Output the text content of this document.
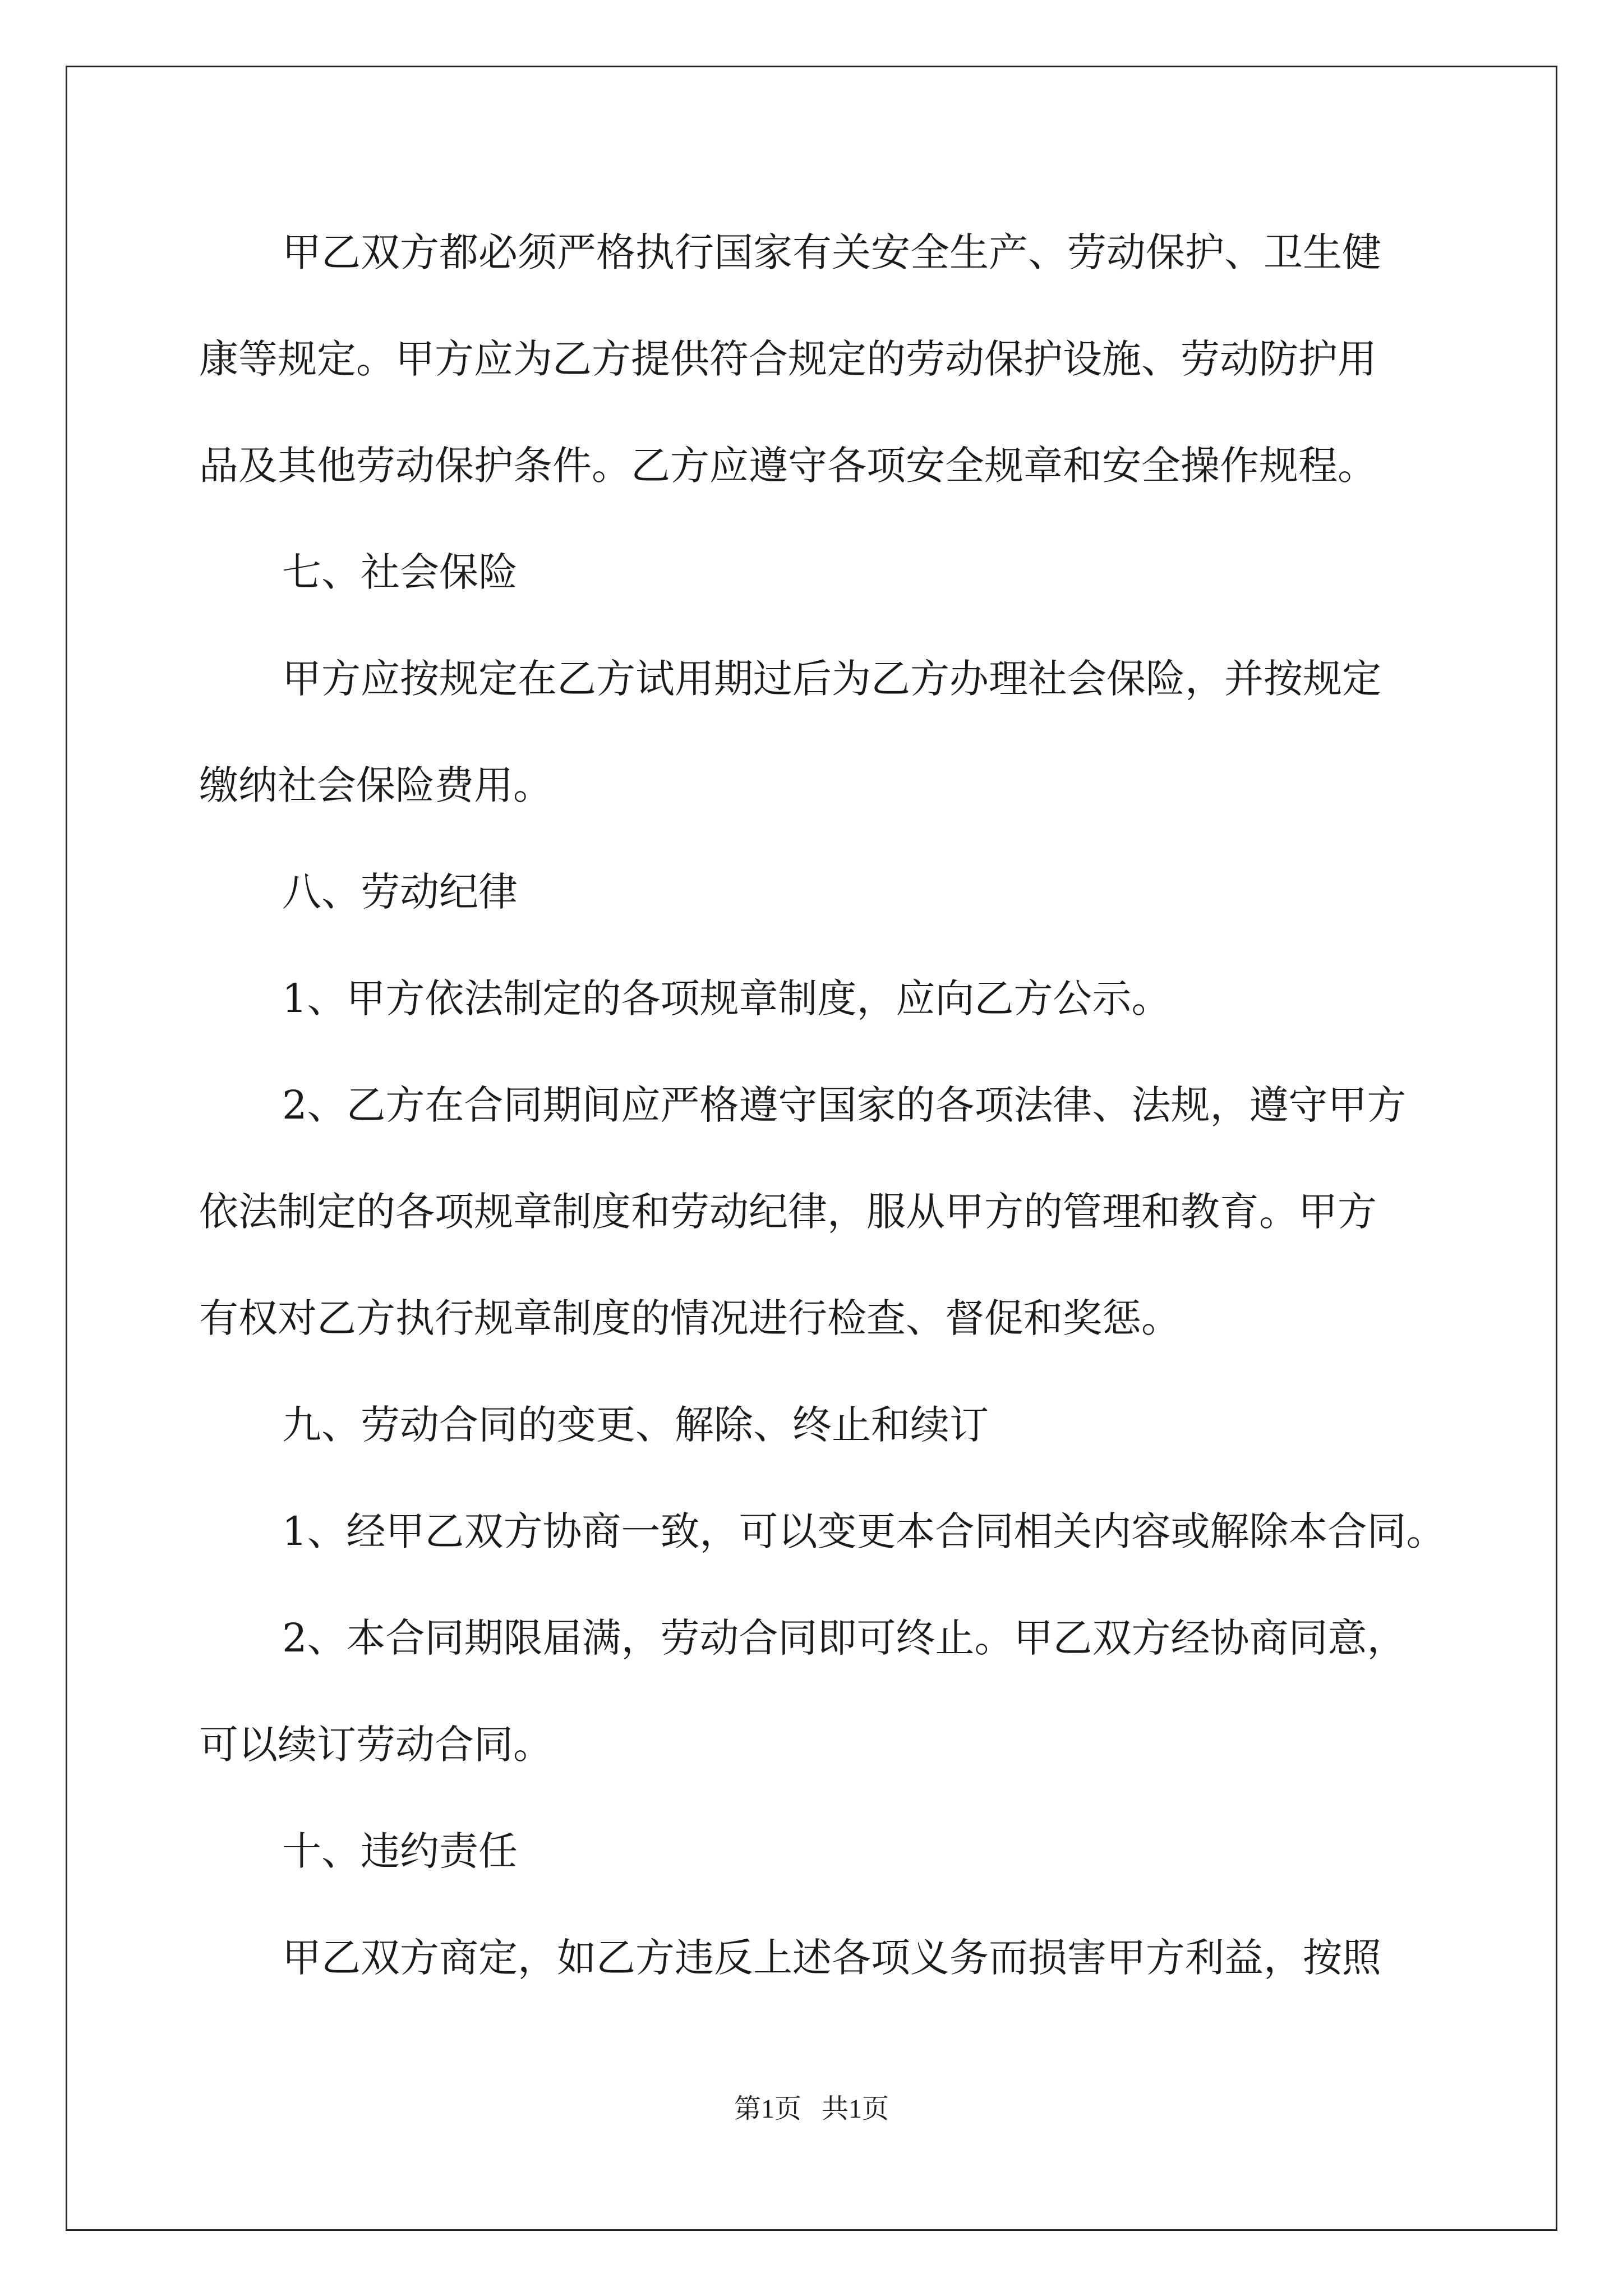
甲乙双方都必须严格执行国家有关安全生产、劳动保护、卫生健
康等规定。甲方应为乙方提供符合规定的劳动保护设施、劳动防护用
品及其他劳动保护条件。乙方应遵守各项安全规章和安全操作规程。
七、社会保险
甲方应按规定在乙方试用期过后为乙方办理社会保险，并按规定
缴纳社会保险费用。
八、劳动纪律
1、甲方依法制定的各项规章制度，应向乙方公示。
2、乙方在合同期间应严格遵守国家的各项法律、法规，遵守甲方
依法制定的各项规章制度和劳动纪律，服从甲方的管理和教育。甲方
有权对乙方执行规章制度的情况进行检查、督促和奖惩。
九、劳动合同的变更、解除、终止和续订
1、经甲乙双方协商一致，可以变更本合同相关内容或解除本合同。
2、本合同期限届满，劳动合同即可终止。甲乙双方经协商同意，
可以续订劳动合同。
十、违约责任
甲乙双方商定，如乙方违反上述各项义务而损害甲方利益，按照
第1页   共1页
